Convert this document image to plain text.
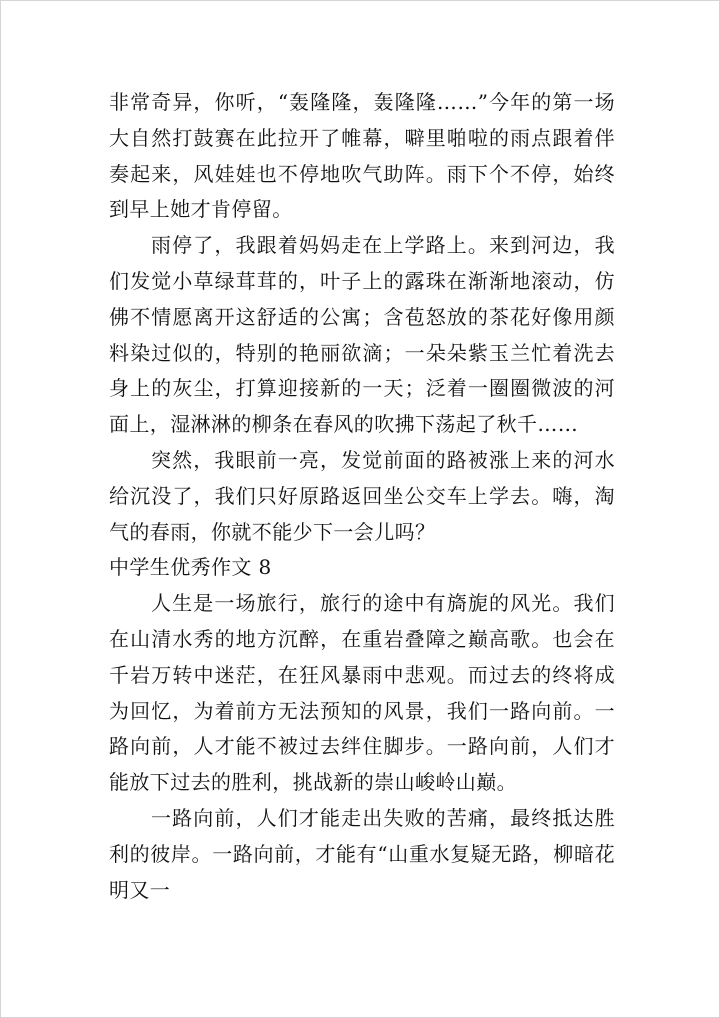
非常奇异，你听，“轰隆隆，轰隆隆……”今年的第一场大自然打鼓赛在此拉开了帷幕，噼里啪啦的雨点跟着伴奏起来，风娃娃也不停地吹气助阵。雨下个不停，始终到早上她才肯停留。

雨停了，我跟着妈妈走在上学路上。来到河边，我们发觉小草绿茸茸的，叶子上的露珠在渐渐地滚动，仿佛不情愿离开这舒适的公寓；含苞怒放的茶花好像用颜料染过似的，特别的艳丽欲滴；一朵朵紫玉兰忙着洗去身上的灰尘，打算迎接新的一天；泛着一圈圈微波的河面上，湿淋淋的柳条在春风的吹拂下荡起了秋千……

突然，我眼前一亮，发觉前面的路被涨上来的河水给沉没了，我们只好原路返回坐公交车上学去。嗨，淘气的春雨，你就不能少下一会儿吗？

中学生优秀作文 8

人生是一场旅行，旅行的途中有旖旎的风光。我们在山清水秀的地方沉醉，在重岩叠障之巅高歌。也会在千岩万转中迷茫，在狂风暴雨中悲观。而过去的终将成为回忆，为着前方无法预知的风景，我们一路向前。一路向前，人才能不被过去绊住脚步。一路向前，人们才能放下过去的胜利，挑战新的崇山峻岭山巅。

一路向前，人们才能走出失败的苦痛，最终抵达胜利的彼岸。一路向前，才能有“山重水复疑无路，柳暗花明又一
